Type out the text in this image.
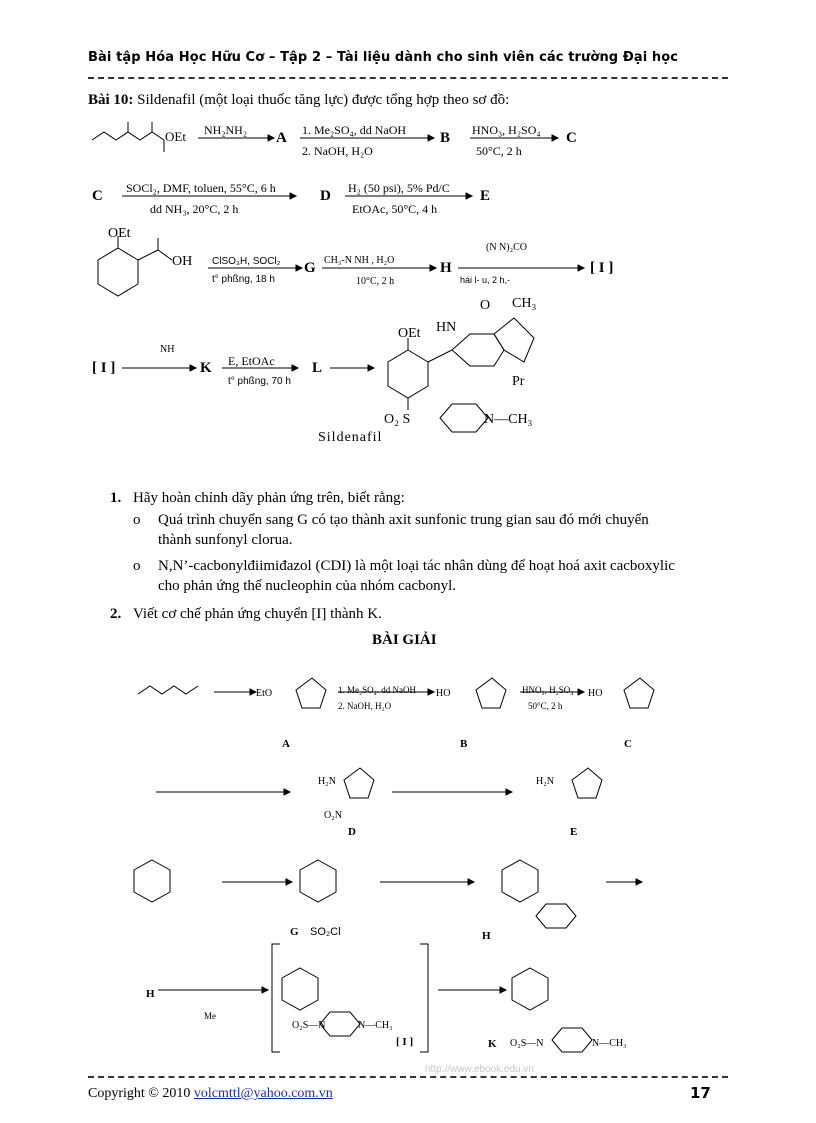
Bài tập Hóa Học Hữu Cơ – Tập 2 – Tài liệu dành cho sinh viên các trường Đại học
Bài 10: Sildenafil (một loại thuốc tăng lực) được tổng hợp theo sơ đồ:
OEt NH₂NH₂ A 1. Me₂SO₄, dd NaOH
2. NaOH, H₂O
B HNO₃, H₂SO₄
50°C, 2 h
C
C SOCl₂, DMF, toluen, 55°C, 6 h
dd NH₃, 20°C, 2 h
D H₂ (50 psi), 5% Pd/C
EtOAc, 50°C, 4 h
E
OEt
OH ClSO₃H, SOCl₂
t° phßng, 18 h
G CH₃-N NH , H₂O
10°C, 2 h
H
(N N)₂CO
hái l- u, 2 h,-
[ I ]
[ I ]
NH
K E, EtOAc
t° phßng, 70 h
L
OEt HN
O CH₃
Pr
O₂ S	N—CH₃
Sildenafil
1. Hãy hoàn chỉnh dãy phản ứng trên, biết rằng:
o Quá trình chuyển sang G có tạo thành axit sunfonic trung gian sau đó mới chuyển
thành sunfonyl clorua.
o N,N’-cacbonylđiimiđazol (CDI) là một loại tác nhân dùng để hoạt hoá axit cacboxylic
cho phản ứng thế nucleophin của nhóm cacbonyl.
2. Viết cơ chế phản ứng chuyển [I] thành K.
BÀI GIẢI
1. Me₂SO₄. dd NaOH
2. NaOH, H₂O
HNO₃, H₂SO₄
50°C, 2 h
EtO	HO	HO
A	B	C
D	E
H₂N
O₂N
H₂N
G SO₂Cl	H
H
[ I ]	K
O₂S—N	N—CH₃
O₂S—N	N—CH₃
Me
http://www.ebook.edu.vn
Copyright © 2010 volcmttl@yahoo.com.vn	17
